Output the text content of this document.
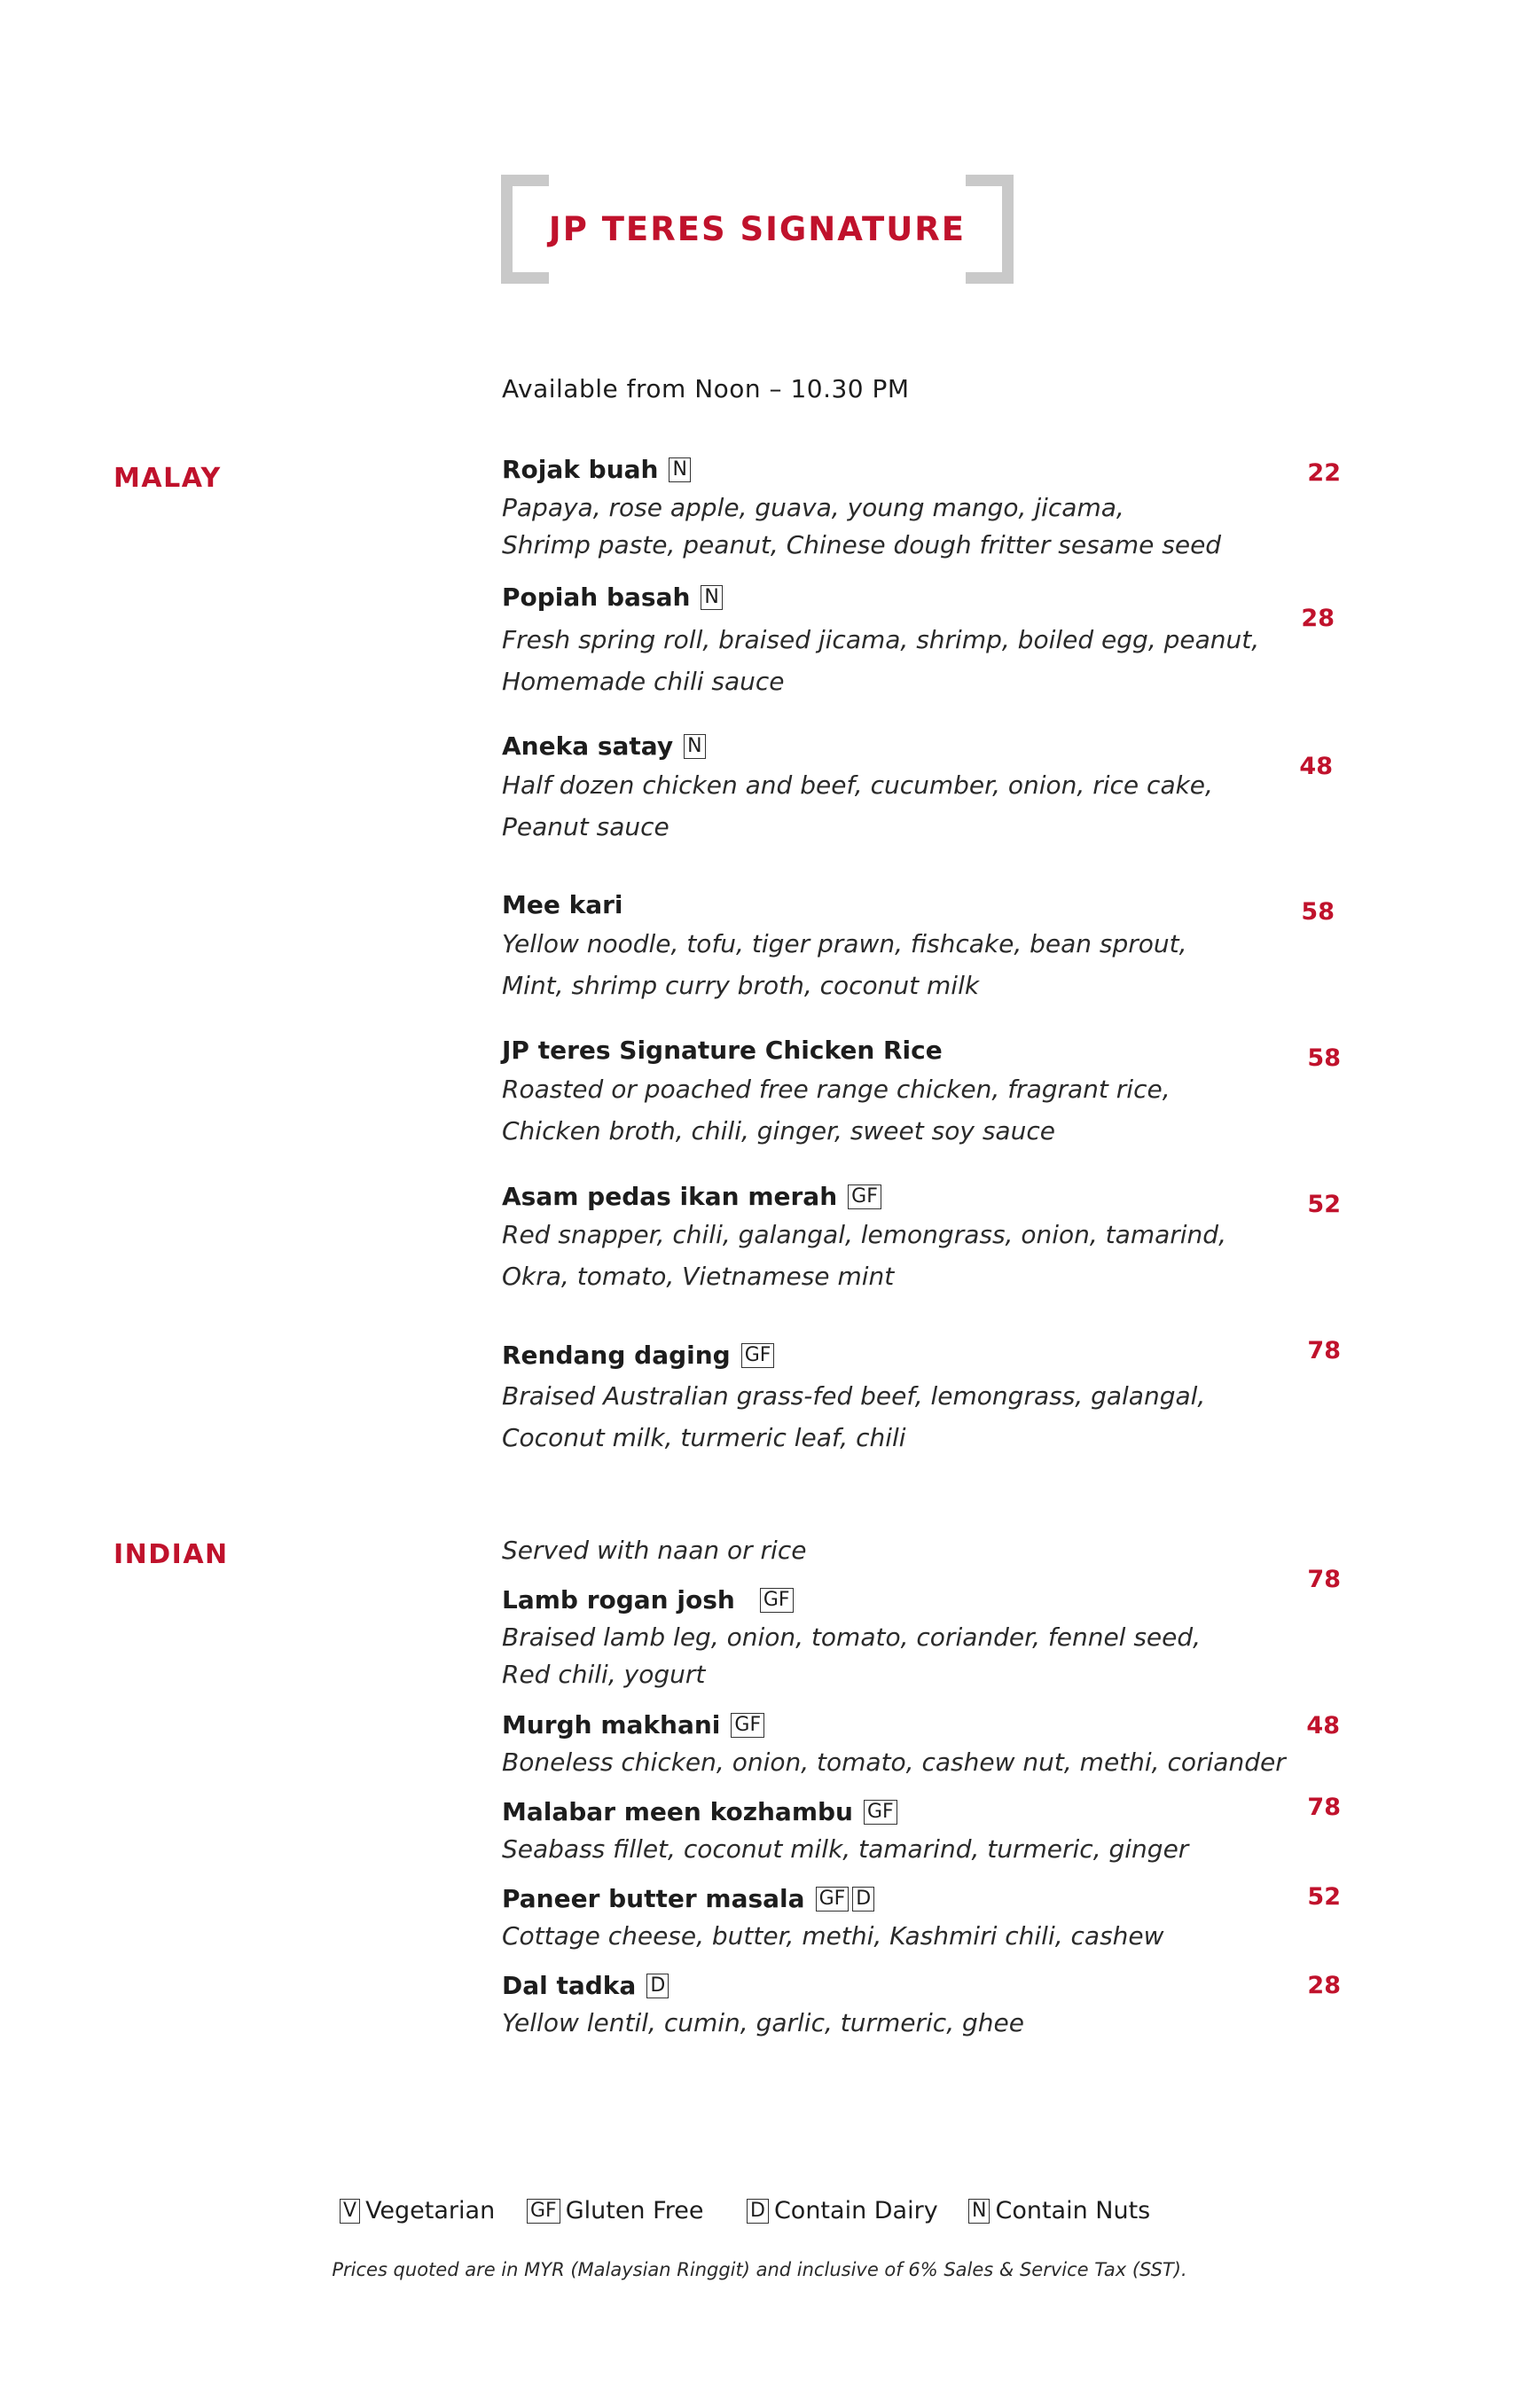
JP TERES SIGNATURE
Available from Noon – 10.30 PM
MALAY	Rojak buah N
Papaya, rose apple, guava, young mango, jicama,
Shrimp paste, peanut, Chinese dough fritter sesame seed
22
Popiah basah N
Fresh spring roll, braised jicama, shrimp, boiled egg, peanut,
Homemade chili sauce
28
Aneka satay N
Half dozen chicken and beef, cucumber, onion, rice cake,
Peanut sauce
48
Mee kari
Yellow noodle, tofu, tiger prawn, fishcake, bean sprout,
Mint, shrimp curry broth, coconut milk
58
JP teres Signature Chicken Rice
Roasted or poached free range chicken, fragrant rice,
Chicken broth, chili, ginger, sweet soy sauce
58
Asam pedas ikan merah GF
Red snapper, chili, galangal, lemongrass, onion, tamarind,
Okra, tomato, Vietnamese mint
52
Rendang daging GF
Braised Australian grass-fed beef, lemongrass, galangal,
Coconut milk, turmeric leaf, chili
78
INDIAN	Served with naan or rice
Lamb rogan josh GF
Braised lamb leg, onion, tomato, coriander, fennel seed,
Red chili, yogurt
78
Murgh makhani GF
Boneless chicken, onion, tomato, cashew nut, methi, coriander
48
Malabar meen kozhambu GF
Seabass fillet, coconut milk, tamarind, turmeric, ginger
78
Paneer butter masala GF D
Cottage cheese, butter, methi, Kashmiri chili, cashew
52
Dal tadka D
Yellow lentil, cumin, garlic, turmeric, ghee
28
V Vegetarian GF Gluten Free D Contain Dairy N Contain Nuts
Prices quoted are in MYR (Malaysian Ringgit) and inclusive of 6% Sales & Service Tax (SST).
